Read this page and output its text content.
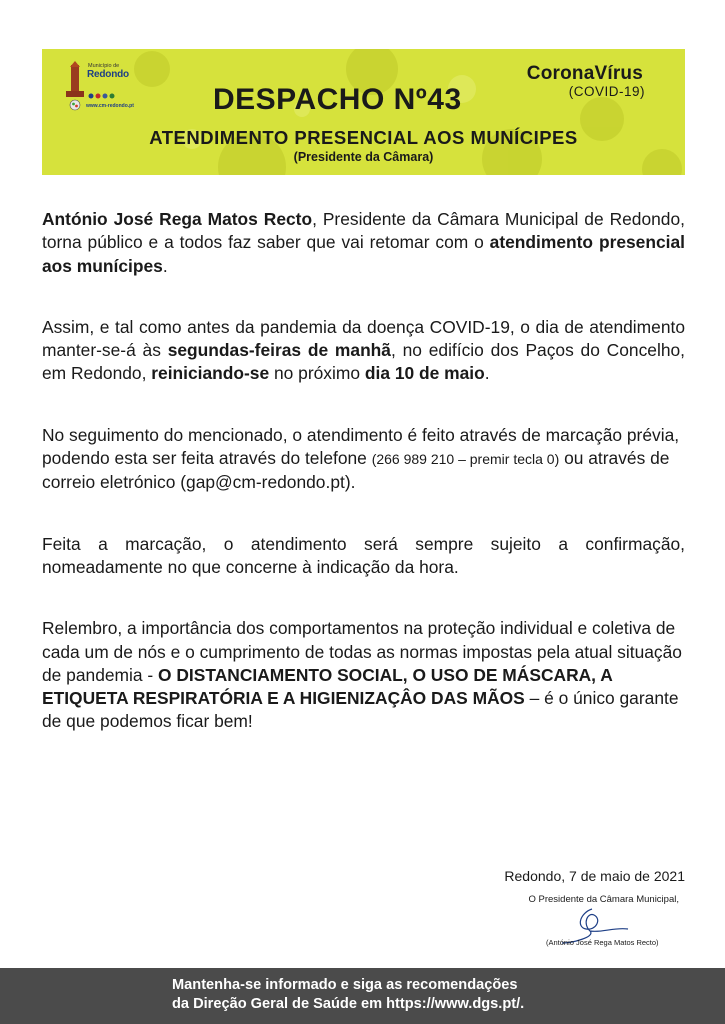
Município de
Redondo
www.cm-redondo.pt
CoronaVírus
(COVID-19)
DESPACHO Nº43
ATENDIMENTO PRESENCIAL AOS MUNÍCIPES
(Presidente da Câmara)

António José Rega Matos Recto, Presidente da Câmara Municipal de Redondo, torna público e a todos faz saber que vai retomar com o atendimento presencial aos munícipes.

Assim, e tal como antes da pandemia da doença COVID-19, o dia de atendimento manter-se-á às segundas-feiras de manhã, no edifício dos Paços do Concelho, em Redondo, reiniciando-se no próximo dia 10 de maio.

No seguimento do mencionado, o atendimento é feito através de marcação prévia, podendo esta ser feita através do telefone (266 989 210 – premir tecla 0) ou através de correio eletrónico (gap@cm-redondo.pt).

Feita a marcação, o atendimento será sempre sujeito a confirmação, nomeadamente no que concerne à indicação da hora.

Relembro, a importância dos comportamentos na proteção individual e coletiva de cada um de nós e o cumprimento de todas as normas impostas pela atual situação de pandemia - O DISTANCIAMENTO SOCIAL, O USO DE MÁSCARA, A ETIQUETA RESPIRATÓRIA E A HIGIENIZAÇÂO DAS MÃOS – é o único garante de que podemos ficar bem!

Redondo, 7 de maio de 2021
O Presidente da Câmara Municipal,
(António José Rega Matos Recto)
Mantenha-se informado e siga as recomendações
da Direção Geral de Saúde em https://www.dgs.pt/.
